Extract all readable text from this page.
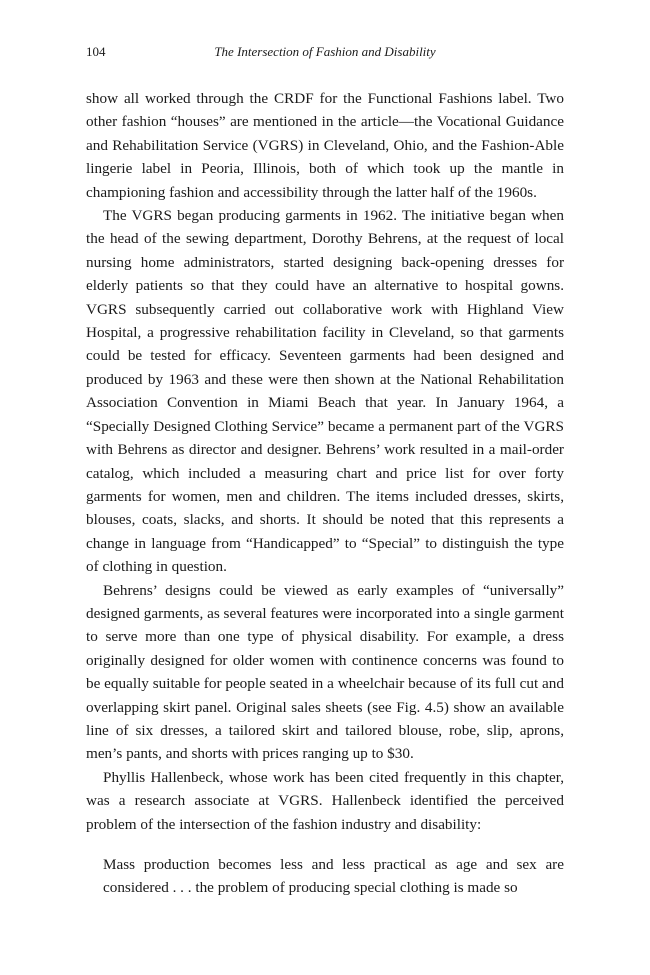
104	The Intersection of Fashion and Disability

show all worked through the CRDF for the Functional Fashions label. Two other fashion “houses” are mentioned in the article—the Vocational Guidance and Rehabilitation Service (VGRS) in Cleveland, Ohio, and the Fashion-Able lingerie label in Peoria, Illinois, both of which took up the mantle in championing fashion and accessibility through the latter half of the 1960s.

The VGRS began producing garments in 1962. The initiative began when the head of the sewing department, Dorothy Behrens, at the request of local nursing home administrators, started designing back-opening dresses for elderly patients so that they could have an alternative to hospital gowns. VGRS subsequently carried out collaborative work with Highland View Hospital, a progressive rehabilitation facility in Cleveland, so that garments could be tested for efficacy. Seventeen garments had been designed and produced by 1963 and these were then shown at the National Rehabilitation Association Convention in Miami Beach that year. In January 1964, a “Specially Designed Clothing Service” became a permanent part of the VGRS with Behrens as director and designer. Behrens’ work resulted in a mail-order catalog, which included a measuring chart and price list for over forty garments for women, men and children. The items included dresses, skirts, blouses, coats, slacks, and shorts. It should be noted that this represents a change in language from “Handicapped” to “Special” to distinguish the type of clothing in question.

Behrens’ designs could be viewed as early examples of “universally” designed garments, as several features were incorporated into a single garment to serve more than one type of physical disability. For example, a dress originally designed for older women with continence concerns was found to be equally suitable for people seated in a wheelchair because of its full cut and overlapping skirt panel. Original sales sheets (see Fig. 4.5) show an available line of six dresses, a tailored skirt and tailored blouse, robe, slip, aprons, men’s pants, and shorts with prices ranging up to $30.

Phyllis Hallenbeck, whose work has been cited frequently in this chapter, was a research associate at VGRS. Hallenbeck identified the perceived problem of the intersection of the fashion industry and disability:

Mass production becomes less and less practical as age and sex are considered . . . the problem of producing special clothing is made so
